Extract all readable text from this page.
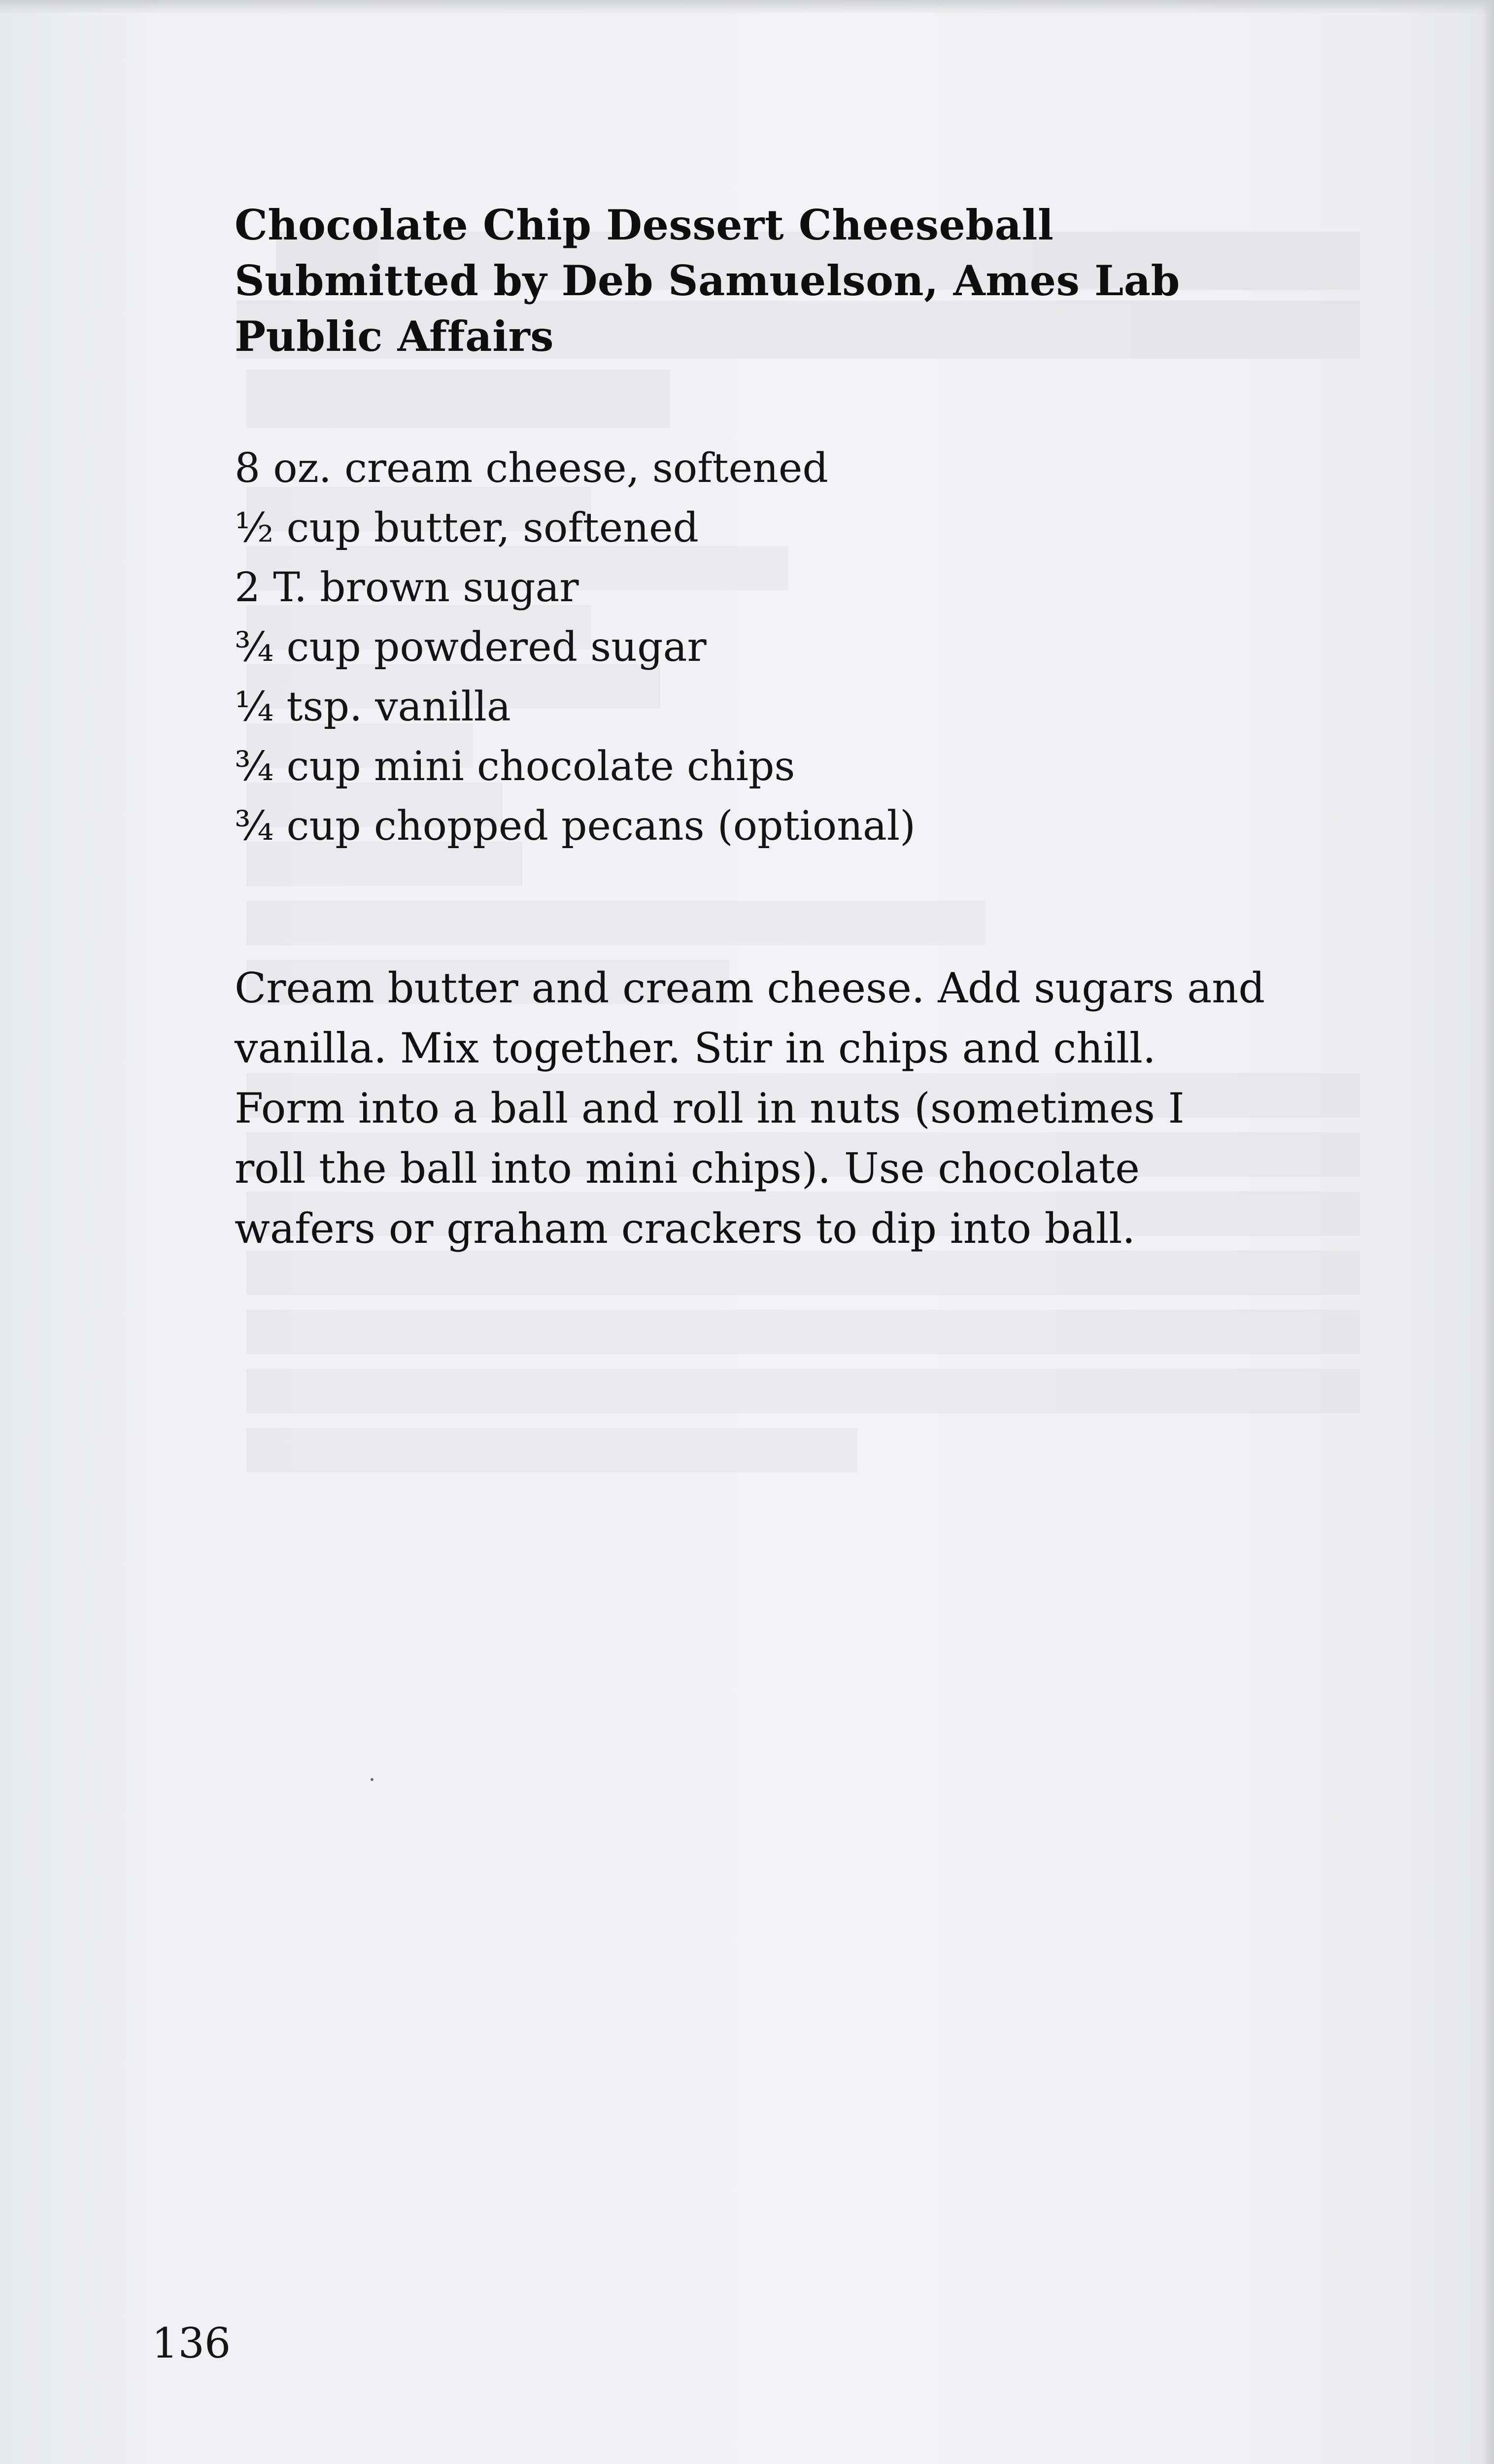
Chocolate Chip Dessert Cheeseball
Submitted by Deb Samuelson, Ames Lab
Public Affairs
8 oz. cream cheese, softened
½ cup butter, softened
2 T. brown sugar
¾ cup powdered sugar
¼ tsp. vanilla
¾ cup mini chocolate chips
¾ cup chopped pecans (optional)

Cream butter and cream cheese. Add sugars and
vanilla. Mix together. Stir in chips and chill.
Form into a ball and roll in nuts (sometimes I
roll the ball into mini chips). Use chocolate
wafers or graham crackers to dip into ball.

136
